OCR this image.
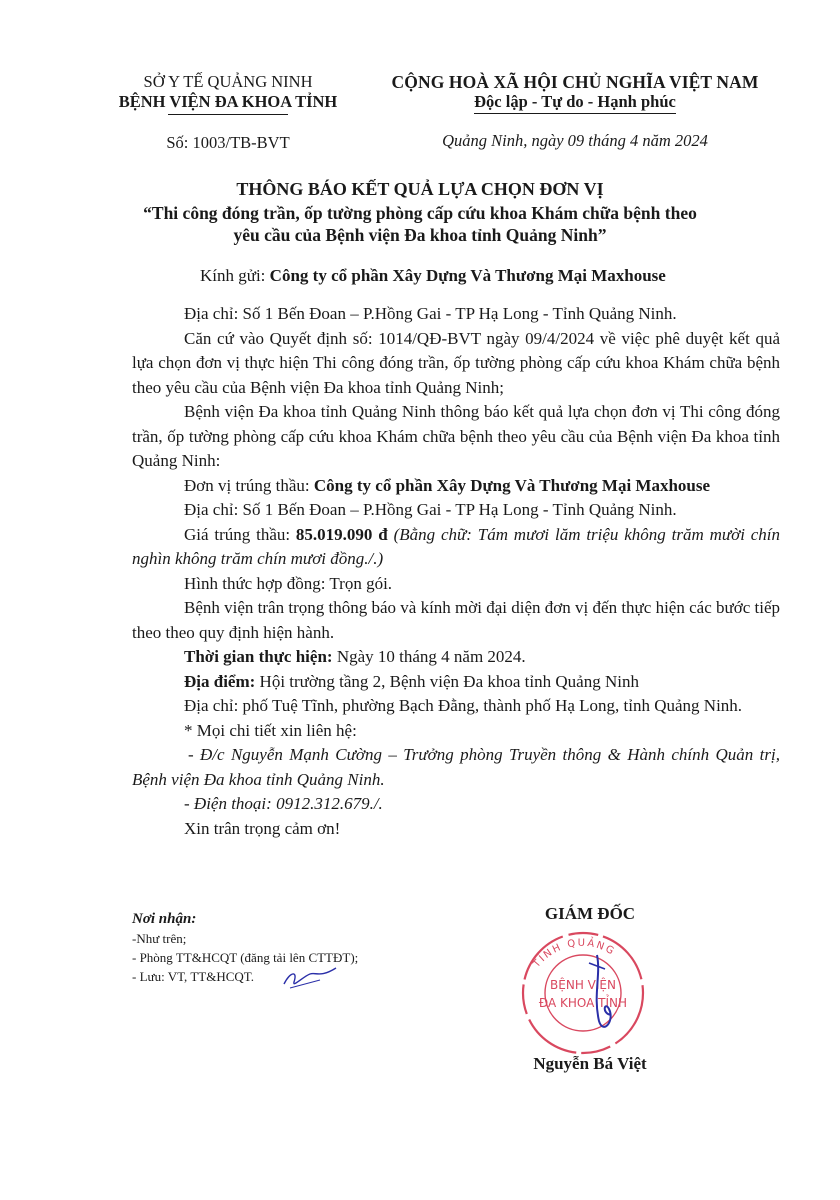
SỞ Y TẾ QUẢNG NINH
BỆNH VIỆN ĐA KHOA TỈNH
Số: 1003/TB-BVT
CỘNG HOÀ XÃ HỘI CHỦ NGHĨA VIỆT NAM
Độc lập - Tự do - Hạnh phúc
Quảng Ninh, ngày 09 tháng 4 năm 2024
THÔNG BÁO KẾT QUẢ LỰA CHỌN ĐƠN VỊ
“Thi công đóng trần, ốp tường phòng cấp cứu khoa Khám chữa bệnh theo
yêu cầu của Bệnh viện Đa khoa tỉnh Quảng Ninh”
Kính gửi: Công ty cổ phần Xây Dựng Và Thương Mại Maxhouse

Địa chỉ: Số 1 Bến Đoan – P.Hồng Gai - TP Hạ Long - Tỉnh Quảng Ninh.

Căn cứ vào Quyết định số: 1014/QĐ-BVT ngày 09/4/2024 về việc phê duyệt kết quả lựa chọn đơn vị thực hiện Thi công đóng trần, ốp tường phòng cấp cứu khoa Khám chữa bệnh theo yêu cầu của Bệnh viện Đa khoa tỉnh Quảng Ninh;

Bệnh viện Đa khoa tỉnh Quảng Ninh thông báo kết quả lựa chọn đơn vị Thi công đóng trần, ốp tường phòng cấp cứu khoa Khám chữa bệnh theo yêu cầu của Bệnh viện Đa khoa tỉnh Quảng Ninh:

Đơn vị trúng thầu: Công ty cổ phần Xây Dựng Và Thương Mại Maxhouse

Địa chỉ: Số 1 Bến Đoan – P.Hồng Gai - TP Hạ Long - Tỉnh Quảng Ninh.

Giá trúng thầu: 85.019.090 đ (Bằng chữ: Tám mươi lăm triệu không trăm mười chín nghìn không trăm chín mươi đồng./.)

Hình thức hợp đồng: Trọn gói.

Bệnh viện trân trọng thông báo và kính mời đại diện đơn vị đến thực hiện các bước tiếp theo theo quy định hiện hành.

Thời gian thực hiện: Ngày 10 tháng 4 năm 2024.

Địa điểm: Hội trường tầng 2, Bệnh viện Đa khoa tỉnh Quảng Ninh

Địa chỉ: phố Tuệ Tĩnh, phường Bạch Đằng, thành phố Hạ Long, tỉnh Quảng Ninh.

* Mọi chi tiết xin liên hệ:

- Đ/c Nguyễn Mạnh Cường – Trưởng phòng Truyền thông & Hành chính Quản trị, Bệnh viện Đa khoa tỉnh Quảng Ninh.

- Điện thoại: 0912.312.679./.

Xin trân trọng cảm ơn!

Nơi nhận:
-Như trên;
- Phòng TT&HCQT (đăng tải lên CTTĐT);
- Lưu: VT, TT&HCQT.
TỈNH QUẢNG
BỆNH VIỆN
ĐA KHOA TỈNH
GIÁM ĐỐC
Nguyễn Bá Việt
